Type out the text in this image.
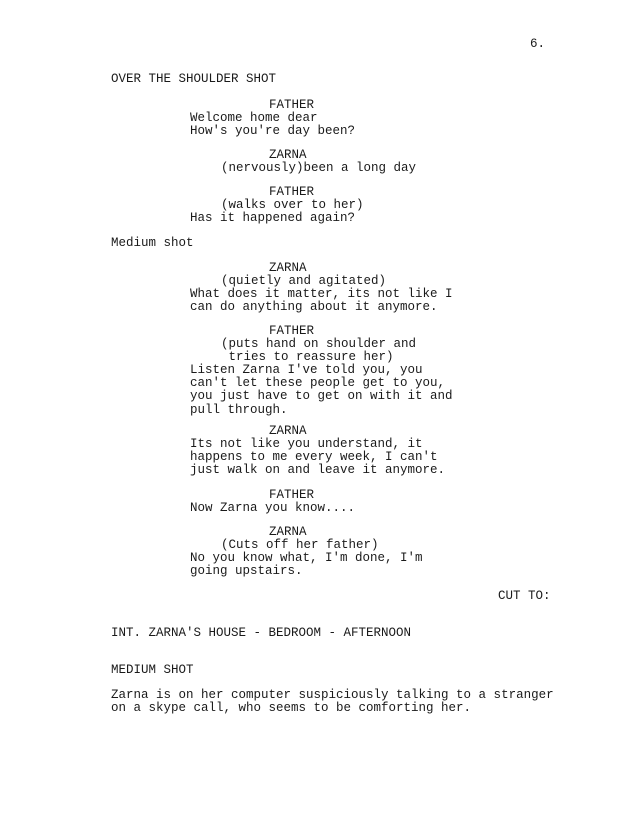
6.
OVER THE SHOULDER SHOT
FATHER
Welcome home dear
How's you're day been?
ZARNA
(nervously)been a long day
FATHER
(walks over to her)
Has it happened again?
Medium shot
ZARNA
(quietly and agitated)
What does it matter, its not like I
can do anything about it anymore.
FATHER
(puts hand on shoulder and
tries to reassure her)
Listen Zarna I've told you, you
can't let these people get to you,
you just have to get on with it and
pull through.
ZARNA
Its not like you understand, it
happens to me every week, I can't
just walk on and leave it anymore.
FATHER
Now Zarna you know....
ZARNA
(Cuts off her father)
No you know what, I'm done, I'm
going upstairs.
CUT TO:
INT. ZARNA'S HOUSE - BEDROOM - AFTERNOON
MEDIUM SHOT
Zarna is on her computer suspiciously talking to a stranger
on a skype call, who seems to be comforting her.
